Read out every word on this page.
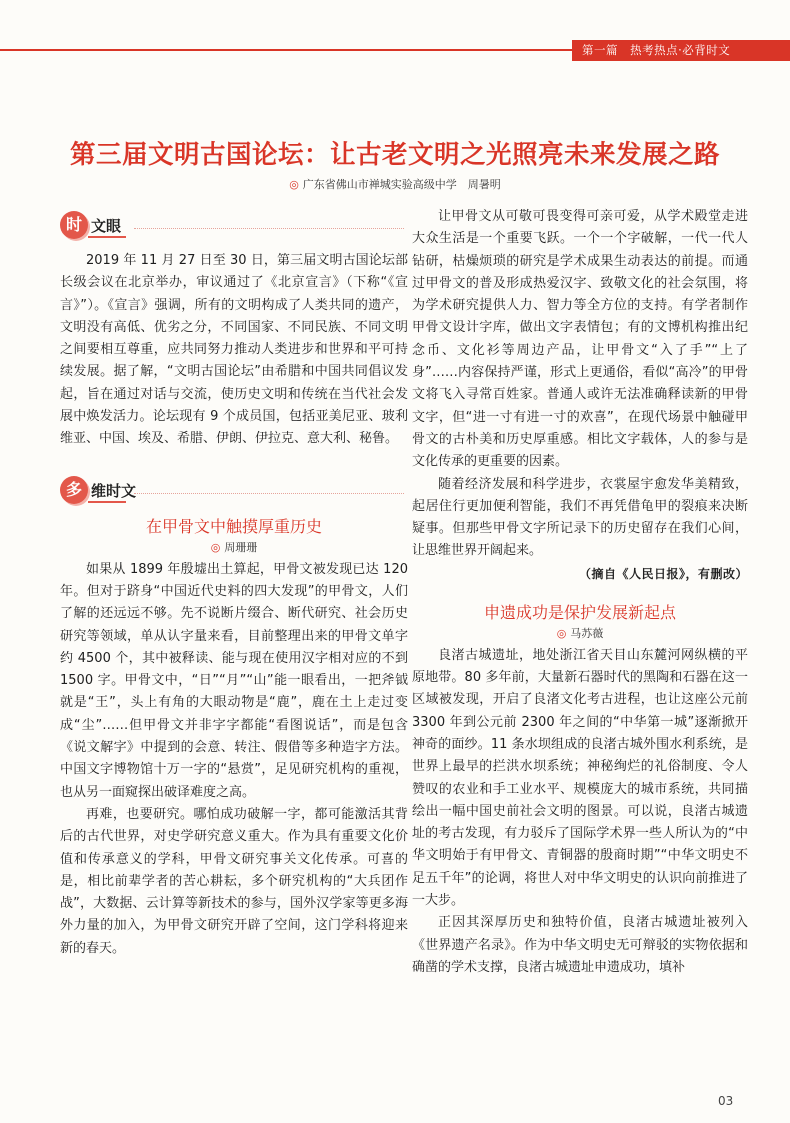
第一篇 热考热点·必背时文
第三届文明古国论坛：让古老文明之光照亮未来发展之路
◎ 广东省佛山市禅城实验高级中学　周暑明
时 文眼

2019 年 11 月 27 日至 30 日，第三届文明古国论坛部长级会议在北京举办，审议通过了《北京宣言》（下称“《宣言》”）。《宣言》强调，所有的文明构成了人类共同的遗产，文明没有高低、优劣之分，不同国家、不同民族、不同文明之间要相互尊重，应共同努力推动人类进步和世界和平可持续发展。据了解，“文明古国论坛”由希腊和中国共同倡议发起，旨在通过对话与交流，使历史文明和传统在当代社会发展中焕发活力。论坛现有 9 个成员国，包括亚美尼亚、玻利维亚、中国、埃及、希腊、伊朗、伊拉克、意大利、秘鲁。

多 维时文

在甲骨文中触摸厚重历史

◎ 周珊珊

如果从 1899 年殷墟出土算起，甲骨文被发现已达 120 年。但对于跻身“中国近代史料的四大发现”的甲骨文，人们了解的还远远不够。先不说断片缀合、断代研究、社会历史研究等领域，单从认字量来看，目前整理出来的甲骨文单字约 4500 个，其中被释读、能与现在使用汉字相对应的不到 1500 字。甲骨文中，“日”“月”“山”能一眼看出，一把斧钺就是“王”，头上有角的大眼动物是“鹿”，鹿在土上走过变成“尘”……但甲骨文并非字字都能“看图说话”，而是包含《说文解字》中提到的会意、转注、假借等多种造字方法。中国文字博物馆十万一字的“悬赏”，足见研究机构的重视，也从另一面窥探出破译难度之高。

再难，也要研究。哪怕成功破解一字，都可能激活其背后的古代世界，对史学研究意义重大。作为具有重要文化价值和传承意义的学科，甲骨文研究事关文化传承。可喜的是，相比前辈学者的苦心耕耘，多个研究机构的“大兵团作战”，大数据、云计算等新技术的参与，国外汉学家等更多海外力量的加入，为甲骨文研究开辟了空间，这门学科将迎来新的春天。

让甲骨文从可敬可畏变得可亲可爱，从学术殿堂走进大众生活是一个重要飞跃。一个一个字破解，一代一代人钻研，枯燥烦琐的研究是学术成果生动表达的前提。而通过甲骨文的普及形成热爱汉字、致敬文化的社会氛围，将为学术研究提供人力、智力等全方位的支持。有学者制作甲骨文设计字库，做出文字表情包；有的文博机构推出纪念币、文化衫等周边产品，让甲骨文“入了手”“上了身”……内容保持严谨，形式上更通俗，看似“高冷”的甲骨文将飞入寻常百姓家。普通人或许无法准确释读新的甲骨文字，但“进一寸有进一寸的欢喜”，在现代场景中触碰甲骨文的古朴美和历史厚重感。相比文字载体，人的参与是文化传承的更重要的因素。

随着经济发展和科学进步，衣裳屋宇愈发华美精致，起居住行更加便利智能，我们不再凭借龟甲的裂痕来决断疑事。但那些甲骨文字所记录下的历史留存在我们心间，让思维世界开阔起来。

（摘自《人民日报》，有删改）

申遗成功是保护发展新起点

◎ 马苏薇

良渚古城遗址，地处浙江省天目山东麓河网纵横的平原地带。80 多年前，大量新石器时代的黑陶和石器在这一区域被发现，开启了良渚文化考古进程，也让这座公元前 3300 年到公元前 2300 年之间的“中华第一城”逐渐掀开神奇的面纱。11 条水坝组成的良渚古城外围水利系统，是世界上最早的拦洪水坝系统；神秘绚烂的礼俗制度、令人赞叹的农业和手工业水平、规模庞大的城市系统，共同描绘出一幅中国史前社会文明的图景。可以说，良渚古城遗址的考古发现，有力驳斥了国际学术界一些人所认为的“中华文明始于有甲骨文、青铜器的殷商时期”“中华文明史不足五千年”的论调，将世人对中华文明史的认识向前推进了一大步。

正因其深厚历史和独特价值，良渚古城遗址被列入《世界遗产名录》。作为中华文明史无可辩驳的实物依据和确凿的学术支撑，良渚古城遗址申遗成功，填补

03
